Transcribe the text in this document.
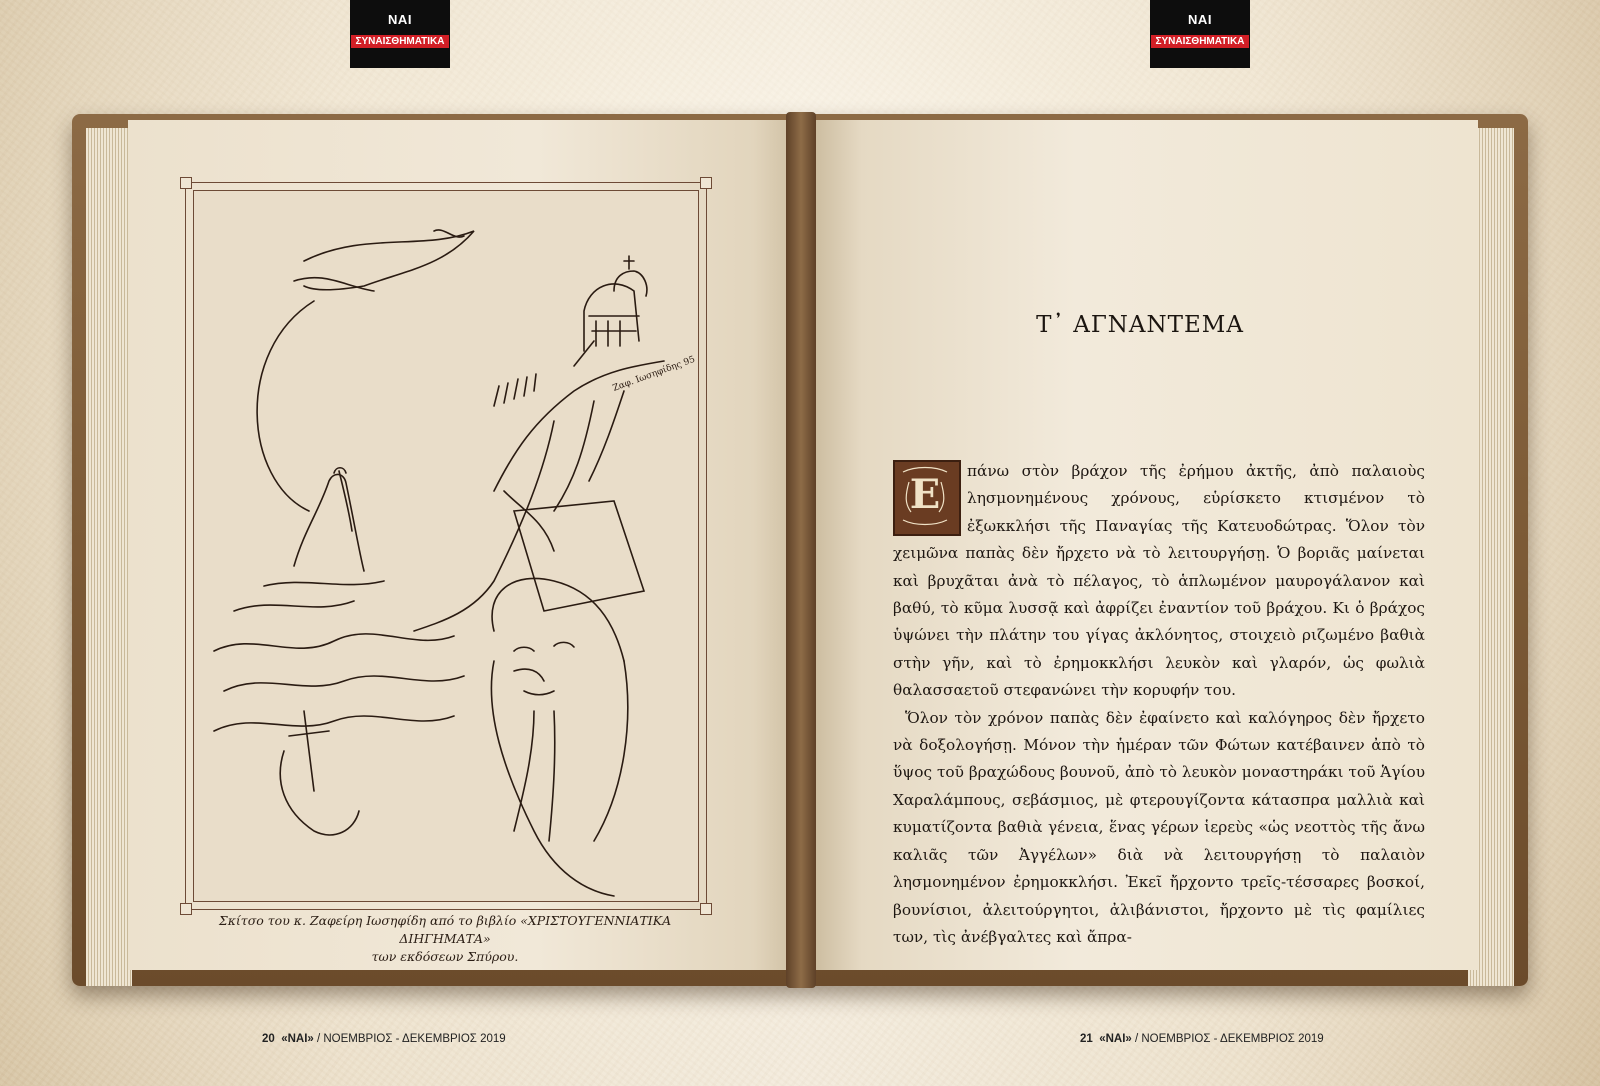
ΝΑΙ
ΣΥΝΑΙΣΘΗΜΑΤΙΚΑ
ΝΑΙ
ΣΥΝΑΙΣΘΗΜΑΤΙΚΑ
Ζαφ. Ιωσηφίδης 95
Σκίτσο του κ. Ζαφείρη Ιωσηφίδη από το βιβλίο «ΧΡΙΣΤΟΥΓΕΝΝΙΑΤΙΚΑ ΔΙΗΓΗΜΑΤΑ»
των εκδόσεων Σπύρου.
Τ᾽ ΑΓΝΑΝΤΕΜΑ
Ε	πάνω στὸν βράχον τῆς ἐρήμου ἀκτῆς, ἀπὸ παλαιοὺς λησμονημένους χρόνους, εὑρίσκετο κτισμένον τὸ ἐξωκκλήσι τῆς Παναγίας τῆς Κατευοδώτρας. Ὅλον τὸν χειμῶνα παπὰς δὲν ἤρχετο νὰ τὸ λειτουργήσῃ. Ὁ βοριᾶς μαίνεται καὶ βρυχᾶται ἀνὰ τὸ πέλαγος, τὸ ἁπλωμένον μαυρογάλανον καὶ βαθύ, τὸ κῦμα λυσσᾷ καὶ ἀφρίζει ἐναντίον τοῦ βράχου. Κι ὁ βράχος ὑψώνει τὴν πλάτην του γίγας ἀκλόνητος, στοιχειὸ ριζωμένο βαθιὰ στὴν γῆν, καὶ τὸ ἐρημοκκλήσι λευκὸν καὶ γλαρόν, ὡς φωλιὰ θαλασσαετοῦ στεφανώνει τὴν κορυφήν του.

Ὅλον τὸν χρόνον παπὰς δὲν ἐφαίνετο καὶ καλόγηρος δὲν ἤρχετο νὰ δοξολογήσῃ. Μόνον τὴν ἡμέραν τῶν Φώτων κατέβαινεν ἀπὸ τὸ ὕψος τοῦ βραχώδους βουνοῦ, ἀπὸ τὸ λευκὸν μοναστηράκι τοῦ Ἁγίου Χαραλάμπους, σεβάσμιος, μὲ φτερουγίζοντα κάτασπρα μαλλιὰ καὶ κυματίζοντα βαθιὰ γένεια, ἕνας γέρων ἱερεὺς «ὡς νεοττὸς τῆς ἄνω καλιᾶς τῶν Ἀγγέλων» διὰ νὰ λειτουργήσῃ τὸ παλαιὸν λησμονημένον ἐρημοκκλήσι. Ἐκεῖ ἤρχοντο τρεῖς-τέσσαρες βοσκοί, βουνίσιοι, ἀλειτούργητοι, ἀλιβάνιστοι, ἤρχοντο μὲ τὶς φαμίλιες των, τὶς ἀνέβγαλτες καὶ ἄπρα-

20 «ΝΑΙ» / ΝΟΕΜΒΡΙΟΣ - ΔΕΚΕΜΒΡΙΟΣ 2019	21 «ΝΑΙ» / ΝΟΕΜΒΡΙΟΣ - ΔΕΚΕΜΒΡΙΟΣ 2019
